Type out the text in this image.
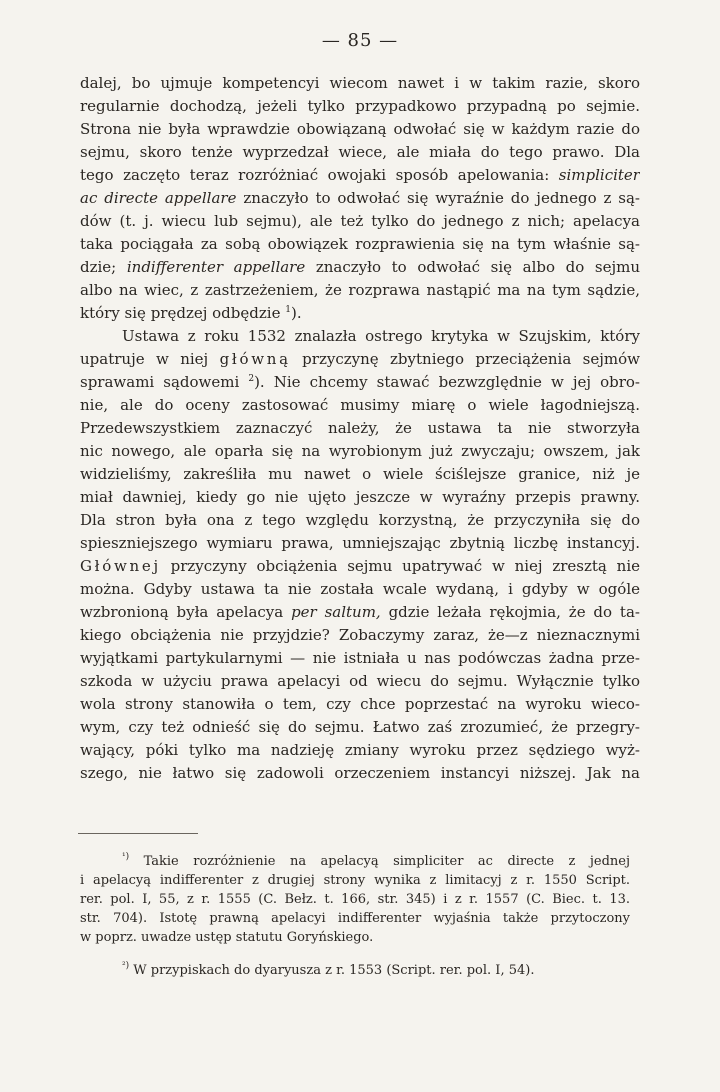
— 85 —
dalej, bo ujmuje kompetencyi wiecom nawet i w takim razie, skoro
regularnie dochodzą, jeżeli tylko przypadkowo przypadną po sejmie.
Strona nie była wprawdzie obowiązaną odwołać się w każdym razie do
sejmu, skoro tenże wyprzedzał wiece, ale miała do tego prawo. Dla
tego zaczęto teraz rozróżniać owojaki sposób apelowania: simpliciter
ac directe appellare znaczyło to odwołać się wyraźnie do jednego z są-
dów (t. j. wiecu lub sejmu), ale też tylko do jednego z nich; apelacya
taka pociągała za sobą obowiązek rozprawienia się na tym właśnie są-
dzie; indifferenter appellare znaczyło to odwołać się albo do sejmu
albo na wiec, z zastrzeżeniem, że rozprawa nastąpić ma na tym sądzie,
który się prędzej odbędzie $^1$).
Ustawa z roku 1532 znalazła ostrego krytyka w Szujskim, który
upatruje w niej główną przyczynę zbytniego przeciążenia sejmów
sprawami sądowemi $^2$). Nie chcemy stawać bezwzględnie w jej obro-
nie, ale do oceny zastosować musimy miarę o wiele łagodniejszą.
Przedewszystkiem zaznaczyć należy, że ustawa ta nie stworzyła
nic nowego, ale oparła się na wyrobionym już zwyczaju; owszem, jak
widzieliśmy, zakreśliła mu nawet o wiele ściślejsze granice, niż je
miał dawniej, kiedy go nie ujęto jeszcze w wyraźny przepis prawny.
Dla stron była ona z tego względu korzystną, że przyczyniła się do
spieszniejszego wymiaru prawa, umniejszając zbytnią liczbę instancyj.
Głównej przyczyny obciążenia sejmu upatrywać w niej zresztą nie
można. Gdyby ustawa ta nie została wcale wydaną, i gdyby w ogóle
wzbronioną była apelacya per saltum, gdzie leżała rękojmia, że do ta-
kiego obciążenia nie przyjdzie? Zobaczymy zaraz, że—z nieznacznymi
wyjątkami partykularnymi — nie istniała u nas podówczas żadna prze-
szkoda w użyciu prawa apelacyi od wiecu do sejmu. Wyłącznie tylko
wola strony stanowiła o tem, czy chce poprzestać na wyroku wieco-
wym, czy też odnieść się do sejmu. Łatwo zaś zrozumieć, że przegry-
wający, póki tylko ma nadzieję zmiany wyroku przez sędziego wyż-
szego, nie łatwo się zadowoli orzeczeniem instancyi niższej. Jak na
$^{^1)}$ Takie rozróżnienie na apelacyą simpliciter ac directe z jednej
i apelacyą indifferenter z drugiej strony wynika z limitacyj z r. 1550 Script.
rer. pol. I, 55, z r. 1555 (C. Bełz. t. 166, str. 345) i z r. 1557 (C. Biec. t. 13.
str. 704). Istotę prawną apelacyi indifferenter wyjaśnia także przytoczony
w poprz. uwadze ustęp statutu Goryńskiego.
$^{^2)}$ W przypiskach do dyaryusza z r. 1553 (Script. rer. pol. I, 54).
